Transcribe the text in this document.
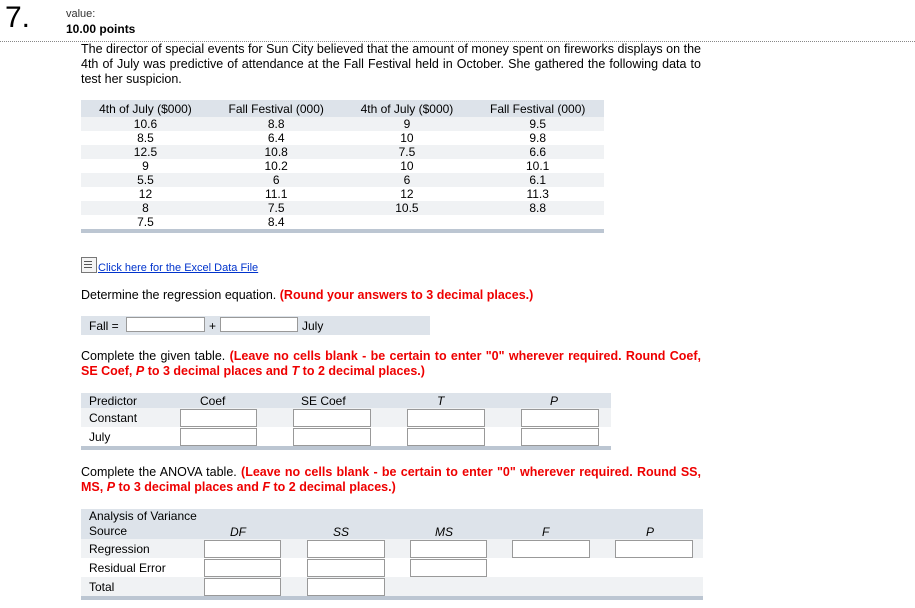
7.	value:
10.00 points
The director of special events for Sun City believed that the amount of money spent on fireworks displays on the 4th of July was predictive of attendance at the Fall Festival held in October. She gathered the following data to test her suspicion.
4th of July ($000)	Fall Festival (000)	4th of July ($000)	Fall Festival (000)
10.6	8.8	9	9.5
8.5	6.4	10	9.8
12.5	10.8	7.5	6.6
9	10.2	10	10.1
5.5	6	6	6.1
12	11.1	12	11.3
8	7.5	10.5	8.8
7.5	8.4		

Click here for the Excel Data File
Determine the regression equation. (Round your answers to 3 decimal places.)
Fall =	+	July
Complete the given table. (Leave no cells blank - be certain to enter "0" wherever required. Round Coef, SE Coef, P to 3 decimal places and T to 2 decimal places.)
Predictor	Coef	SE Coef	T	P
Constant
July
Complete the ANOVA table. (Leave no cells blank - be certain to enter "0" wherever required. Round SS, MS, P to 3 decimal places and F to 2 decimal places.)
Analysis of Variance
Source	DF	SS	MS	F	P
Regression
Residual Error
Total
